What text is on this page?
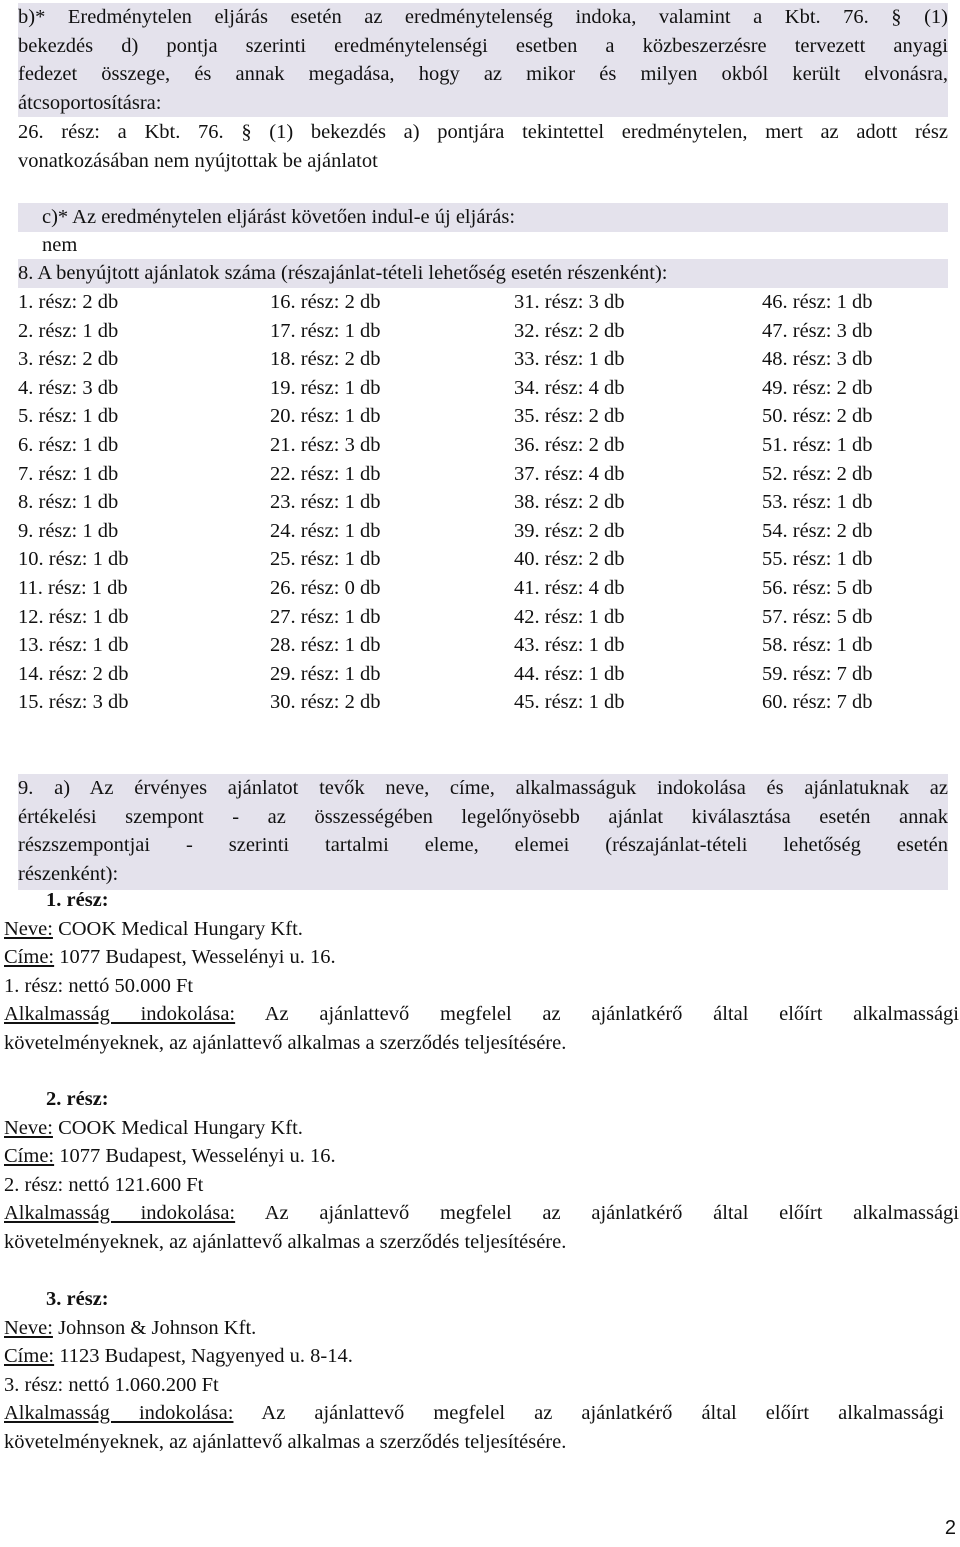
b)* Eredménytelen eljárás esetén az eredménytelenség indoka, valamint a Kbt. 76. § (1)
bekezdés d) pontja szerinti eredménytelenségi esetben a közbeszerzésre tervezett anyagi
fedezet összege, és annak megadása, hogy az mikor és milyen okból került elvonásra,
átcsoportosításra:
26. rész: a Kbt. 76. § (1) bekezdés a) pontjára tekintettel eredménytelen, mert az adott rész
vonatkozásában nem nyújtottak be ajánlatot
c)* Az eredménytelen eljárást követően indul-e új eljárás:
nem
8. A benyújtott ajánlatok száma (részajánlat-tételi lehetőség esetén részenként):
1. rész: 2 db	16. rész: 2 db	31. rész: 3 db	46. rész: 1 db
2. rész: 1 db	17. rész: 1 db	32. rész: 2 db	47. rész: 3 db
3. rész: 2 db	18. rész: 2 db	33. rész: 1 db	48. rész: 3 db
4. rész: 3 db	19. rész: 1 db	34. rész: 4 db	49. rész: 2 db
5. rész: 1 db	20. rész: 1 db	35. rész: 2 db	50. rész: 2 db
6. rész: 1 db	21. rész: 3 db	36. rész: 2 db	51. rész: 1 db
7. rész: 1 db	22. rész: 1 db	37. rész: 4 db	52. rész: 2 db
8. rész: 1 db	23. rész: 1 db	38. rész: 2 db	53. rész: 1 db
9. rész: 1 db	24. rész: 1 db	39. rész: 2 db	54. rész: 2 db
10. rész: 1 db	25. rész: 1 db	40. rész: 2 db	55. rész: 1 db
11. rész: 1 db	26. rész: 0 db	41. rész: 4 db	56. rész: 5 db
12. rész: 1 db	27. rész: 1 db	42. rész: 1 db	57. rész: 5 db
13. rész: 1 db	28. rész: 1 db	43. rész: 1 db	58. rész: 1 db
14. rész: 2 db	29. rész: 1 db	44. rész: 1 db	59. rész: 7 db
15. rész: 3 db	30. rész: 2 db	45. rész: 1 db	60. rész: 7 db
9. a) Az érvényes ajánlatot tevők neve, címe, alkalmasságuk indokolása és ajánlatuknak az
értékelési szempont - az összességében legelőnyösebb ajánlat kiválasztása esetén annak
részszempontjai - szerinti tartalmi eleme, elemei (részajánlat-tételi lehetőség esetén
részenként):
1. rész:
Neve: COOK Medical Hungary Kft.
Címe: 1077 Budapest, Wesselényi u. 16.
1. rész: nettó 50.000 Ft
Alkalmasság indokolása: Az ajánlattevő megfelel az ajánlatkérő által előírt alkalmassági
követelményeknek, az ajánlattevő alkalmas a szerződés teljesítésére.
2. rész:
Neve: COOK Medical Hungary Kft.
Címe: 1077 Budapest, Wesselényi u. 16.
2. rész: nettó 121.600 Ft
Alkalmasság indokolása: Az ajánlattevő megfelel az ajánlatkérő által előírt alkalmassági
követelményeknek, az ajánlattevő alkalmas a szerződés teljesítésére.
3. rész:
Neve: Johnson & Johnson Kft.
Címe: 1123 Budapest, Nagyenyed u. 8-14.
3. rész: nettó 1.060.200 Ft
Alkalmasság indokolása: Az ajánlattevő megfelel az ajánlatkérő által előírt alkalmassági
követelményeknek, az ajánlattevő alkalmas a szerződés teljesítésére.
2
